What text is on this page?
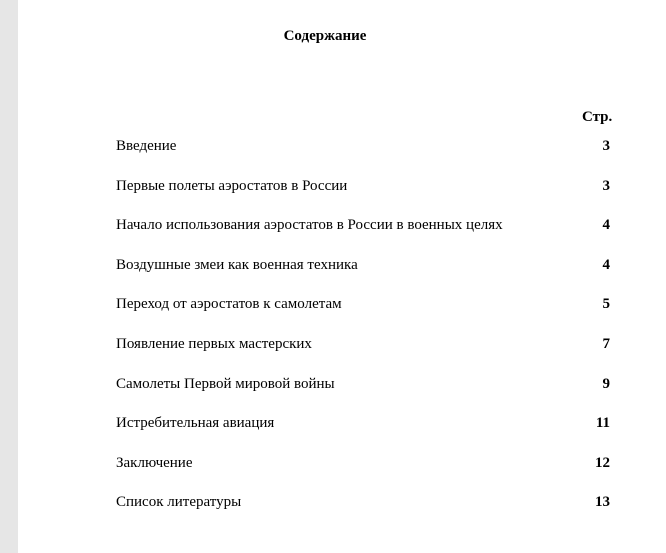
Содержание
Стр.
Введение	3
Первые полеты аэростатов в России	3
Начало использования аэростатов в России в военных целях	4
Воздушные змеи как военная техника	4
Переход от аэростатов к самолетам	5
Появление первых мастерских	7
Самолеты Первой мировой войны	9
Истребительная авиация	11
Заключение	12
Список литературы	13
